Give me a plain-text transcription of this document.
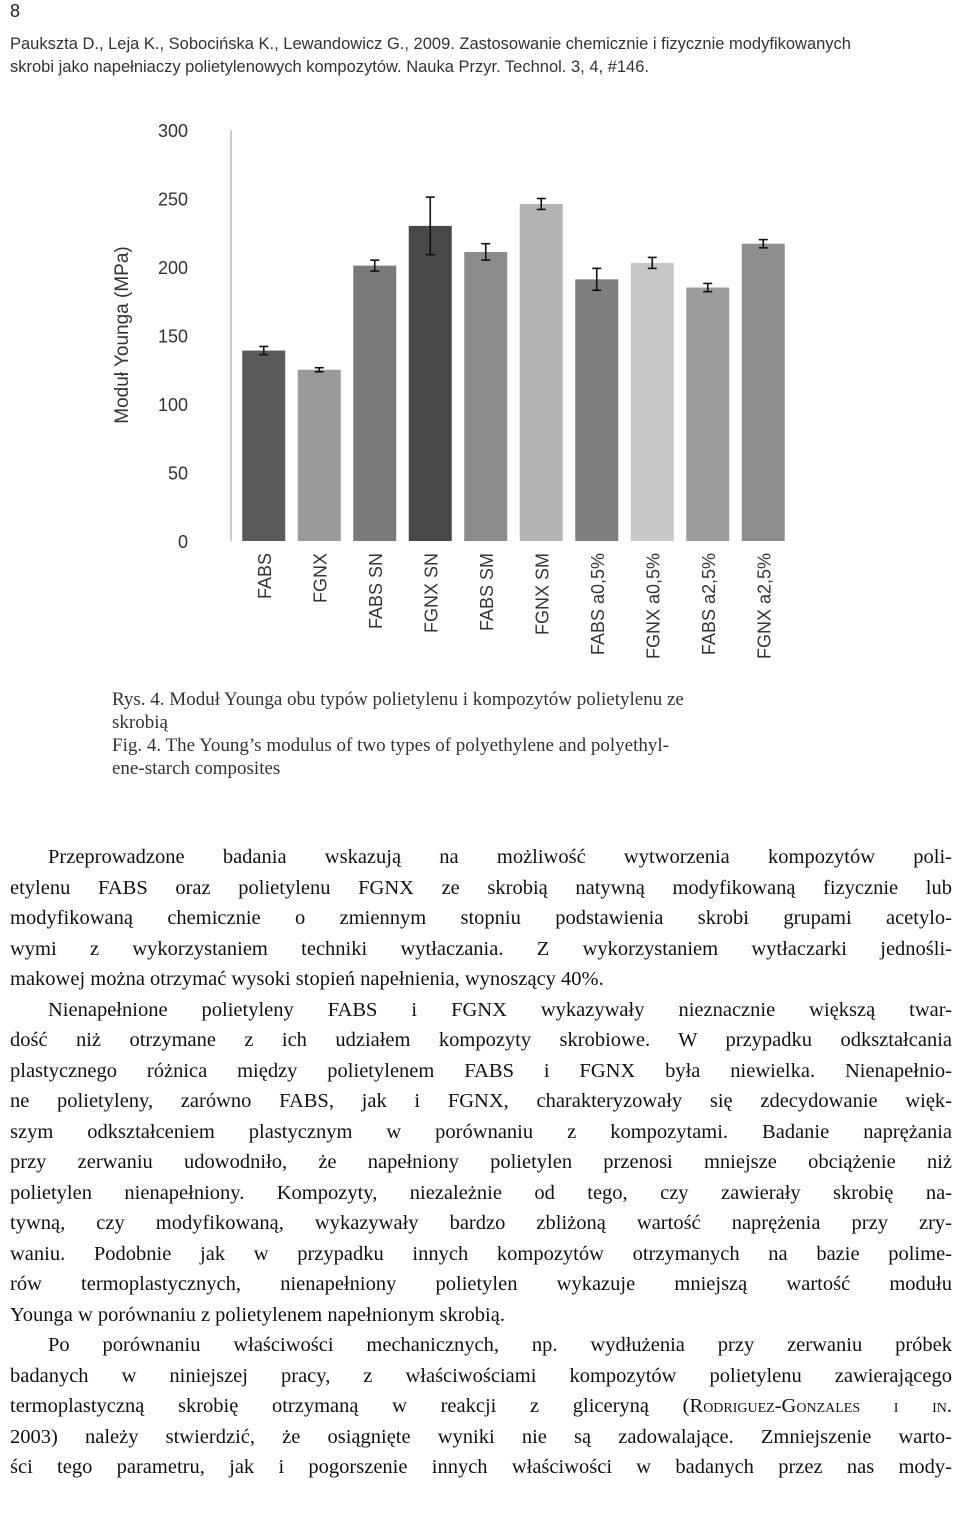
8
Paukszta D., Leja K., Sobocińska K., Lewandowicz G., 2009. Zastosowanie chemicznie i fizycznie modyfikowanych
skrobi jako napełniaczy polietylenowych kompozytów. Nauka Przyr. Technol. 3, 4, #146.
Moduł Younga (MPa)
0
50
100
150
200
250
300
FABS FGNX FABS SN FGNX SN FABS SM FGNX SM FABS a0,5% FGNX a0,5% FABS a2,5% FGNX a2,5%
Rys. 4. Moduł Younga obu typów polietylenu i kompozytów polietylenu ze
skrobią
Fig. 4. The Young’s modulus of two types of polyethylene and polyethyl-
ene-starch composites
Przeprowadzone badania wskazują na możliwość wytworzenia kompozytów poli-
etylenu FABS oraz polietylenu FGNX ze skrobią natywną modyfikowaną fizycznie lub
modyfikowaną chemicznie o zmiennym stopniu podstawienia skrobi grupami acetylo-
wymi z wykorzystaniem techniki wytłaczania. Z wykorzystaniem wytłaczarki jednośli-
makowej można otrzymać wysoki stopień napełnienia, wynoszący 40%.
Nienapełnione polietyleny FABS i FGNX wykazywały nieznacznie większą twar-
dość niż otrzymane z ich udziałem kompozyty skrobiowe. W przypadku odkształcania
plastycznego różnica między polietylenem FABS i FGNX była niewielka. Nienapełnio-
ne polietyleny, zarówno FABS, jak i FGNX, charakteryzowały się zdecydowanie więk-
szym odkształceniem plastycznym w porównaniu z kompozytami. Badanie naprężania
przy zerwaniu udowodniło, że napełniony polietylen przenosi mniejsze obciążenie niż
polietylen nienapełniony. Kompozyty, niezależnie od tego, czy zawierały skrobię na-
tywną, czy modyfikowaną, wykazywały bardzo zbliżoną wartość naprężenia przy zry-
waniu. Podobnie jak w przypadku innych kompozytów otrzymanych na bazie polime-
rów termoplastycznych, nienapełniony polietylen wykazuje mniejszą wartość modułu
Younga w porównaniu z polietylenem napełnionym skrobią.
Po porównaniu właściwości mechanicznych, np. wydłużenia przy zerwaniu próbek
badanych w niniejszej pracy, z właściwościami kompozytów polietylenu zawierającego
termoplastyczną skrobię otrzymaną w reakcji z gliceryną (Rodriguez-Gonzales i in.
2003) należy stwierdzić, że osiągnięte wyniki nie są zadowalające. Zmniejszenie warto-
ści tego parametru, jak i pogorszenie innych właściwości w badanych przez nas mody-
